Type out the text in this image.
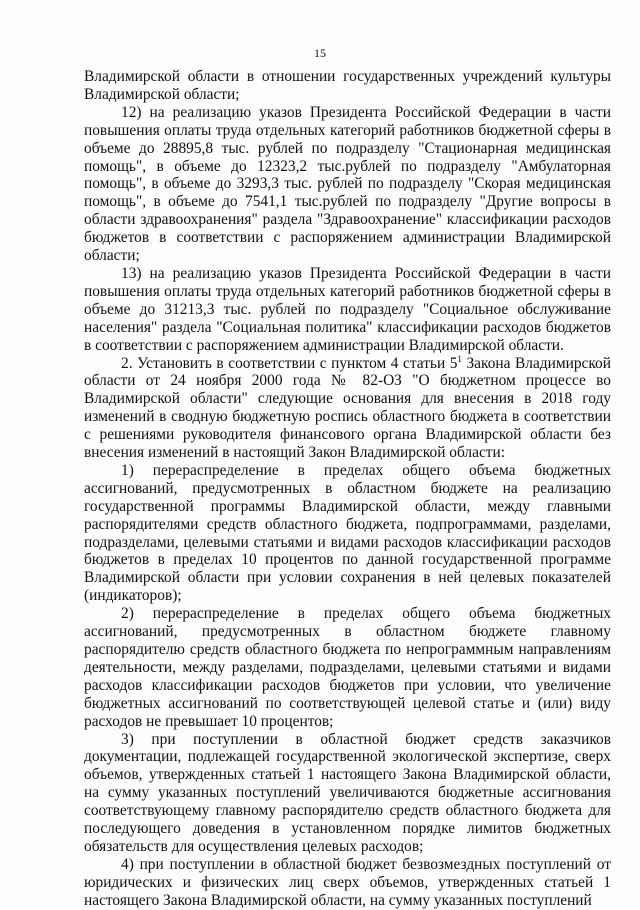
15

Владимирской области в отношении государственных учреждений культуры Владимирской области;

12) на реализацию указов Президента Российской Федерации в части повышения оплаты труда отдельных категорий работников бюджетной сферы в объеме до 28895,8 тыс. рублей по подразделу "Стационарная медицинская помощь", в объеме до 12323,2 тыс.рублей по подразделу "Амбулаторная помощь", в объеме до 3293,3 тыс. рублей по подразделу "Скорая медицинская помощь", в объеме до 7541,1 тыс.рублей по подразделу "Другие вопросы в области здравоохранения" раздела "Здравоохранение" классификации расходов бюджетов в соответствии с распоряжением администрации Владимирской области;

13) на реализацию указов Президента Российской Федерации в части повышения оплаты труда отдельных категорий работников бюджетной сферы в объеме до 31213,3 тыс. рублей по подразделу "Социальное обслуживание населения" раздела "Социальная политика" классификации расходов бюджетов в соответствии с распоряжением администрации Владимирской области.

2. Установить в соответствии с пунктом 4 статьи $5^1$ Закона Владимирской области от 24 ноября 2000 года № 82-ОЗ "О бюджетном процессе во Владимирской области" следующие основания для внесения в 2018 году изменений в сводную бюджетную роспись областного бюджета в соответствии с решениями руководителя финансового органа Владимирской области без внесения изменений в настоящий Закон Владимирской области:

1) перераспределение в пределах общего объема бюджетных ассигнований, предусмотренных в областном бюджете на реализацию государственной программы Владимирской области, между главными распорядителями средств областного бюджета, подпрограммами, разделами, подразделами, целевыми статьями и видами расходов классификации расходов бюджетов в пределах 10 процентов по данной государственной программе Владимирской области при условии сохранения в ней целевых показателей (индикаторов);

2) перераспределение в пределах общего объема бюджетных ассигнований, предусмотренных в областном бюджете главному распорядителю средств областного бюджета по непрограммным направлениям деятельности, между разделами, подразделами, целевыми статьями и видами расходов классификации расходов бюджетов при условии, что увеличение бюджетных ассигнований по соответствующей целевой статье и (или) виду расходов не превышает 10 процентов;

3) при поступлении в областной бюджет средств заказчиков документации, подлежащей государственной экологической экспертизе, сверх объемов, утвержденных статьей 1 настоящего Закона Владимирской области, на сумму указанных поступлений увеличиваются бюджетные ассигнования соответствующему главному распорядителю средств областного бюджета для последующего доведения в установленном порядке лимитов бюджетных обязательств для осуществления целевых расходов;

4) при поступлении в областной бюджет безвозмездных поступлений от юридических и физических лиц сверх объемов, утвержденных статьей 1 настоящего Закона Владимирской области, на сумму указанных поступлений
